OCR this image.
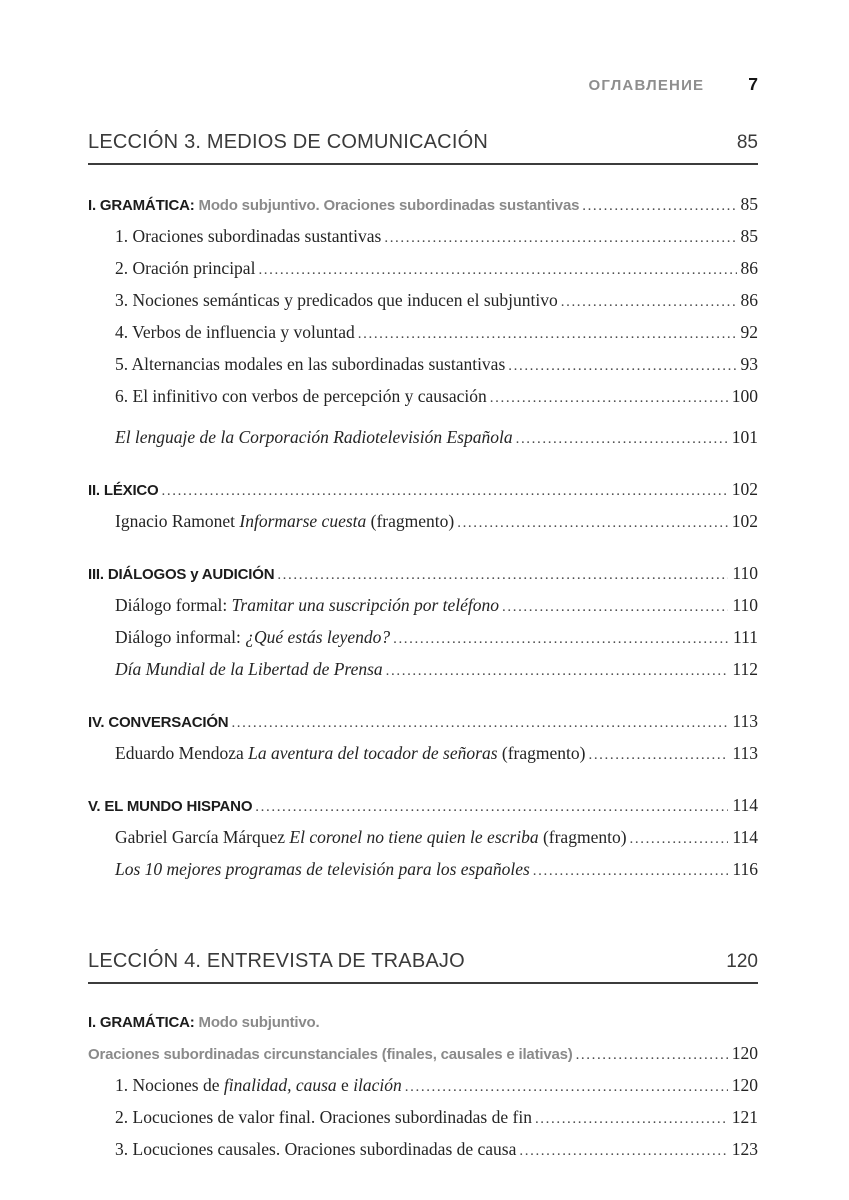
ОГЛАВЛЕНИЕ	7
LECCIÓN 3. MEDIOS DE COMUNICACIÓN	85
I. GRAMÁTICA: Modo subjuntivo. Oraciones subordinadas sustantivas .....	85
1. Oraciones subordinadas sustantivas .....	85
2. Oración principal .....	86
3. Nociones semánticas y predicados que inducen el subjuntivo .....	86
4. Verbos de influencia y voluntad .....	92
5. Alternancias modales en las subordinadas sustantivas .....	93
6. El infinitivo con verbos de percepción y causación .....	100
El lenguaje de la Corporación Radiotelevisión Española .....	101
II. LÉXICO .....	102
Ignacio Ramonet Informarse cuesta (fragmento) .....	102
III. DIÁLOGOS y AUDICIÓN .....	110
Diálogo formal: Tramitar una suscripción por teléfono .....	110
Diálogo informal: ¿Qué estás leyendo? .....	111
Día Mundial de la Libertad de Prensa .....	112
IV. CONVERSACIÓN .....	113
Eduardo Mendoza La aventura del tocador de señoras (fragmento) .....	113
V. EL MUNDO HISPANO .....	114
Gabriel García Márquez El coronel no tiene quien le escriba (fragmento) .....	114
Los 10 mejores programas de televisión para los españoles .....	116
LECCIÓN 4. ENTREVISTA DE TRABAJO	120
I. GRAMÁTICA: Modo subjuntivo.
Oraciones subordinadas circunstanciales (finales, causales e ilativas) .....	120
1. Nociones de finalidad, causa e ilación .....	120
2. Locuciones de valor final. Oraciones subordinadas de fin .....	121
3. Locuciones causales. Oraciones subordinadas de causa .....	123
